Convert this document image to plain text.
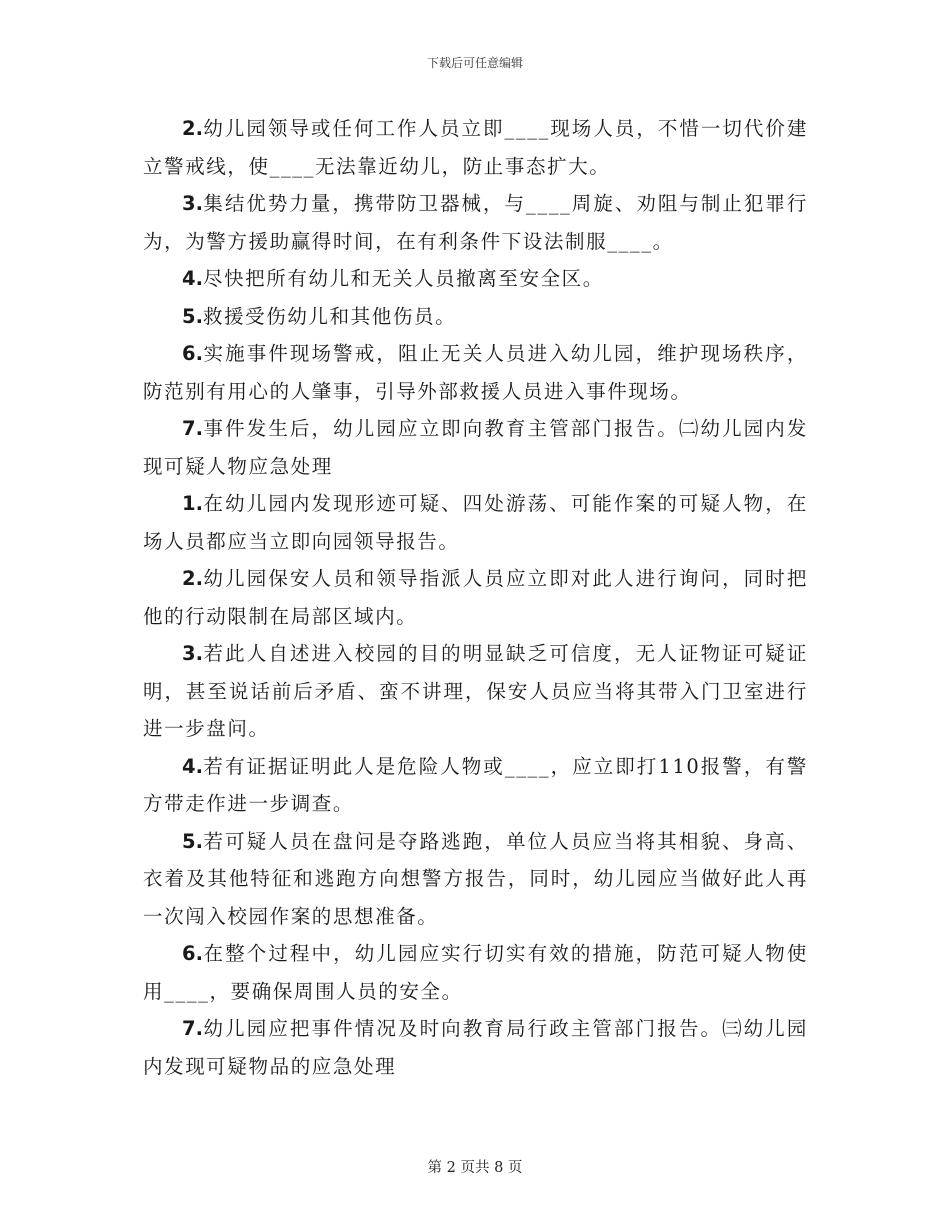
下载后可任意编辑

2.幼儿园领导或任何工作人员立即____现场人员，不惜一切代价建立警戒线，使____无法靠近幼儿，防止事态扩大。

3.集结优势力量，携带防卫器械，与____周旋、劝阻与制止犯罪行为，为警方援助赢得时间，在有利条件下设法制服____。

4.尽快把所有幼儿和无关人员撤离至安全区。

5.救援受伤幼儿和其他伤员。

6.实施事件现场警戒，阻止无关人员进入幼儿园，维护现场秩序，防范别有用心的人肇事，引导外部救援人员进入事件现场。

7.事件发生后，幼儿园应立即向教育主管部门报告。㈡幼儿园内发现可疑人物应急处理

1.在幼儿园内发现形迹可疑、四处游荡、可能作案的可疑人物，在场人员都应当立即向园领导报告。

2.幼儿园保安人员和领导指派人员应立即对此人进行询问，同时把他的行动限制在局部区域内。

3.若此人自述进入校园的目的明显缺乏可信度，无人证物证可疑证明，甚至说话前后矛盾、蛮不讲理，保安人员应当将其带入门卫室进行进一步盘问。

4.若有证据证明此人是危险人物或____，应立即打110报警，有警方带走作进一步调查。

5.若可疑人员在盘问是夺路逃跑，单位人员应当将其相貌、身高、衣着及其他特征和逃跑方向想警方报告，同时，幼儿园应当做好此人再一次闯入校园作案的思想准备。

6.在整个过程中，幼儿园应实行切实有效的措施，防范可疑人物使用____，要确保周围人员的安全。

7.幼儿园应把事件情况及时向教育局行政主管部门报告。㈢幼儿园内发现可疑物品的应急处理

第 2 页共 8 页
